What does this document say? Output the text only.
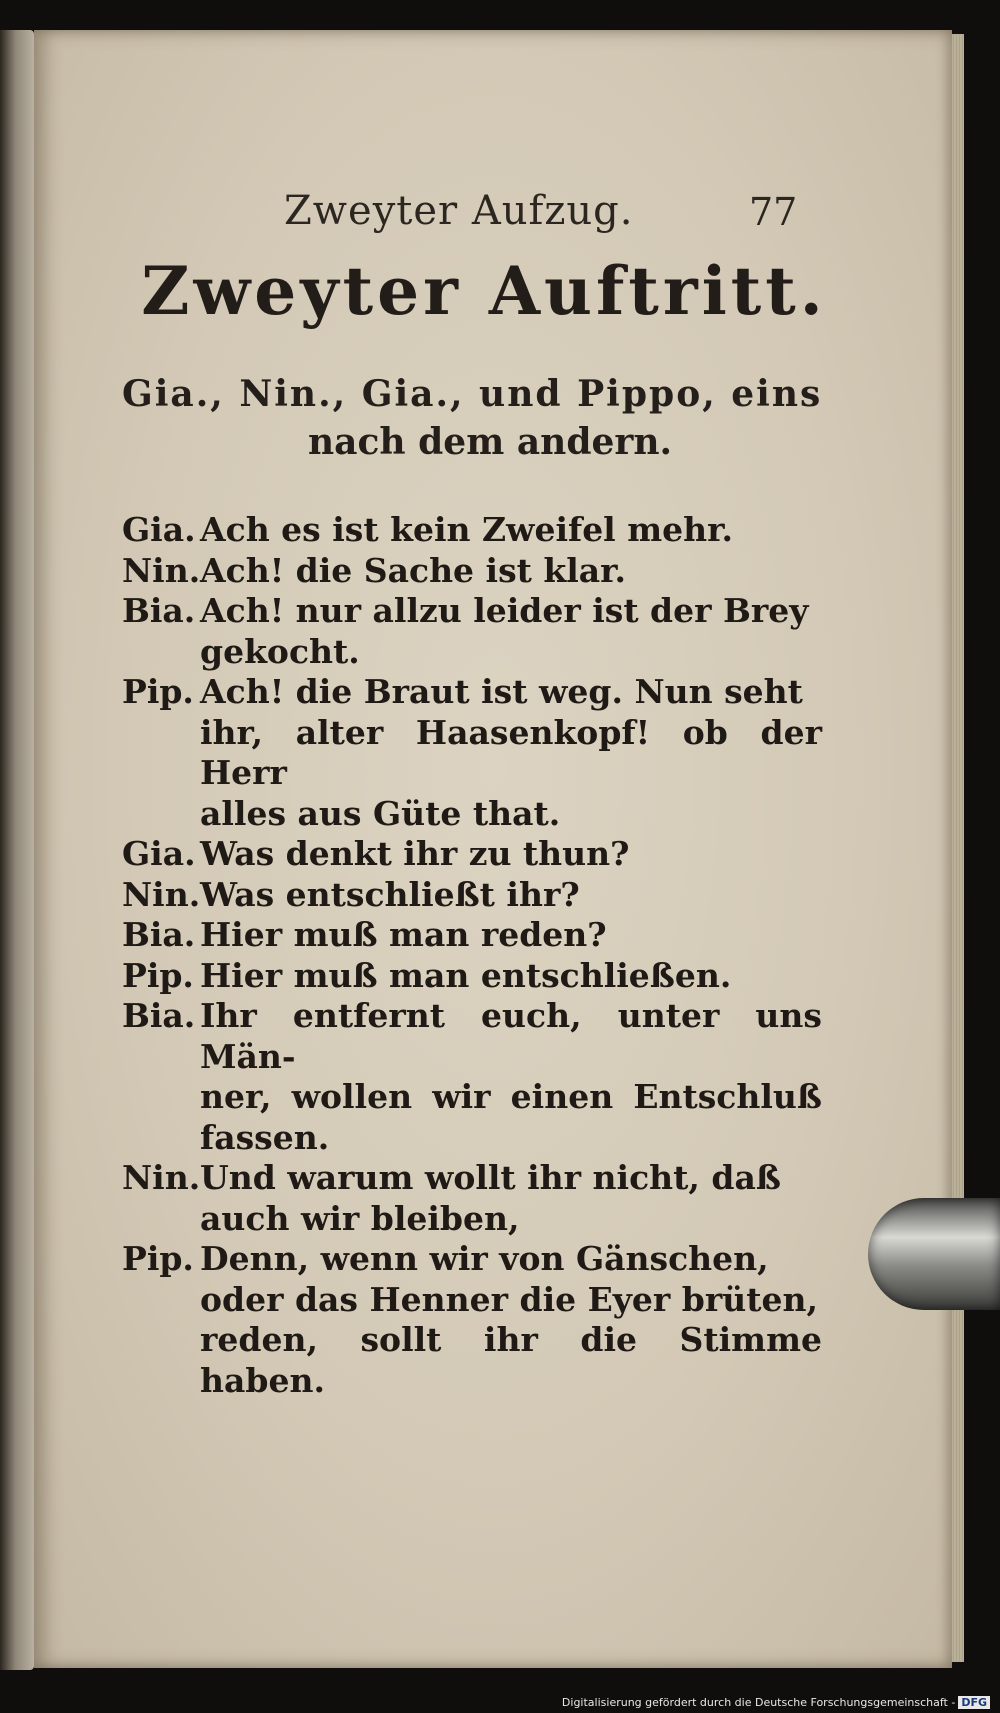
Zweyter Aufzug.	77
Zweyter Auftritt.
Gia., Nin., Gia., und Pippo, eins
nach dem andern.
Gia. Ach es ist kein Zweifel mehr.
Nin. Ach! die Sache ist klar.
Bia. Ach! nur allzu leider ist der Brey
gekocht.
Pip. Ach! die Braut ist weg. Nun seht
ihr, alter Haasenkopf! ob der Herr
alles aus Güte that.
Gia. Was denkt ihr zu thun?
Nin. Was entschließt ihr?
Bia. Hier muß man reden?
Pip. Hier muß man entschließen.
Bia. Ihr entfernt euch, unter uns Män-
ner, wollen wir einen Entschluß fassen.
Nin. Und warum wollt ihr nicht, daß
auch wir bleiben,
Pip. Denn, wenn wir von Gänschen,
oder das Henner die Eyer brüten,
reden, sollt ihr die Stimme haben.
Digitalisierung gefördert durch die Deutsche Forschungsgemeinschaft - DFG
